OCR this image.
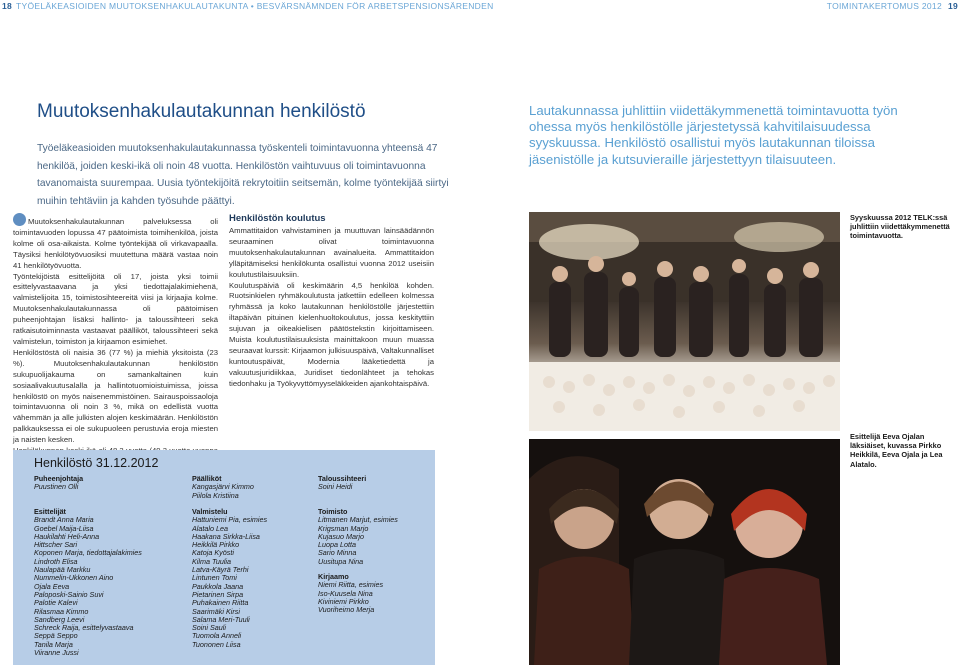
18 TYÖELÄKEASIOIDEN MUUTOKSENHAKULAUTAKUNTA • BESVÄRSNÄMNDEN FÖR ARBETSPENSIONSÄRENDEN	TOIMINTAKERTOMUS 2012 19
Muutoksenhakulautakunnan henkilöstö

Työeläkeasioiden muutoksenhakulautakunnassa työskenteli toimintavuonna yhteensä 47 henkilöä, joiden keski-ikä oli noin 48 vuotta. Henkilöstön vaihtuvuus oli toimintavuonna tavanomaista suurempaa. Uusia työntekijöitä rekrytoitiin seitsemän, kolme työntekijää siirtyi muihin tehtäviin ja kahden työsuhde päättyi.

Lautakunnassa juhlittiin viidettäkymmenettä toimintavuotta työn ohessa myös henkilöstölle järjestetyssä kahvitilaisuudessa syyskuussa. Henkilöstö osallistui myös lautakunnan tiloissa jäsenistölle ja kutsuvieraille järjestettyyn tilaisuuteen.

Muutoksenhakulautakunnan palveluksessa oli toimintavuoden lopussa 47 päätoimista toimihenkilöä, joista kolme oli osa-aikaista. Kolme työntekijää oli virkavapaalla. Täysiksi henkilötyövuosiksi muutettuna määrä vastaa noin 41 henkilötyövuotta.

Työntekijöistä esittelijöitä oli 17, joista yksi toimii esittelyvastaavana ja yksi tiedottajalakimiehenä, valmistelijoita 15, toimistosihteereitä viisi ja kirjaajia kolme. Muutoksenhakulautakunnassa oli päätoimisen puheenjohtajan lisäksi hallinto- ja taloussihteeri sekä ratkaisutoiminnasta vastaavat päälliköt, taloussihteeri sekä valmistelun, toimiston ja kirjaamon esimiehet.

Henkilöstöstä oli naisia 36 (77 %) ja miehiä yksitoista (23 %). Muutoksenhakulautakunnan henkilöstön sukupuolijakauma on samankaltainen kuin sosiaalivakuutusalalla ja hallintotuomioistuimissa, joissa henkilöstö on myös naisenemmistöinen. Sairauspoissaoloja toimintavuonna oli noin 3 %, mikä on edellistä vuotta vähemmän ja alle julkisten alojen keskimäärän. Henkilöstön palkkauksessa ei ole sukupuoleen perustuvia eroja miesten ja naisten kesken.

Henkilöstön koulutus

Ammattitaidon vahvistaminen ja muuttuvan lainsäädännön seuraaminen olivat toimintavuonna muutoksenhakulautakunnan avainalueita. Ammattitaidon ylläpitämiseksi henkilökunta osallistui vuonna 2012 useisiin koulutustilaisuuksiin.

Koulutuspäiviä oli keskimäärin 4,5 henkilöä kohden. Ruotsinkielen ryhmäkoulutusta jatkettiin edelleen kolmessa ryhmässä ja koko lautakunnan henkilöstölle järjestettiin iltapäivän pituinen kielenhuoltokoulutus, jossa keskityttiin sujuvan ja oikeakielisen päätöstekstin kirjoittamiseen. Muista koulutustilaisuuksista mainittakoon muun muassa seuraavat kurssit: Kirjaamon julkisuuspäivä, Valtakunnalliset kuntoutuspäivät, Modernia lääketiedettä ja vakuutusjuridiikkaa, Juridiset tiedonlähteet ja tehokas tiedonhaku ja Työkyvyttömyyseläkkeiden ajankohtaispäivä.

Syyskuussa 2012 TELK:ssä juhlittiin viidettäkymmenettä toimintavuotta.

Esittelijä Eeva Ojalan läksiäiset, kuvassa Pirkko Heikkilä, Eeva Ojala ja Lea Alatalo.

Henkilöstö 31.12.2012
Puheenjohtaja
Puustinen Olli
Päälliköt
Kangasjärvi Kimmo
Piilola Kristiina
Taloussihteeri
Soini Heidi
Esittelijät
Brandt Anna Maria
Goebel Maija-Liisa
Haukilahti Heli-Anna
Hittscher Sari
Koponen Marja, tiedottajalakimies
Lindroth Elisa
Naulapää Markku
Nummelin-Ukkonen Aino
Ojala Eeva
Paloposki-Sainio Suvi
Palotie Kalevi
Rilasmaa Kimmo
Sandberg Leevi
Schreck Raija, esittelyvastaava
Seppä Seppo
Tanila Marja
Viiranne Jussi
Valmistelu
Hattuniemi Pia, esimies
Alatalo Lea
Haakana Sirkka-Liisa
Heikkilä Pirkko
Katoja Kyösti
Kilma Tuulia
Latva-Käyrä Terhi
Lintunen Tomi
Paukkola Jaana
Pietarinen Sirpa
Puhakainen Riitta
Saarimäki Kirsi
Salama Meri-Tuuli
Soini Sauli
Tuomola Anneli
Tuononen Liisa
Toimisto
Litmanen Marjut, esimies
Krigsman Marjo
Kujasuo Marjo
Luopa Lotta
Sario Minna
Uusitupa Nina
Kirjaamo
Niemi Riitta, esimies
Iso-Kuusela Nina
Kiviniemi Pirkko
Vuoriheimo Merja
